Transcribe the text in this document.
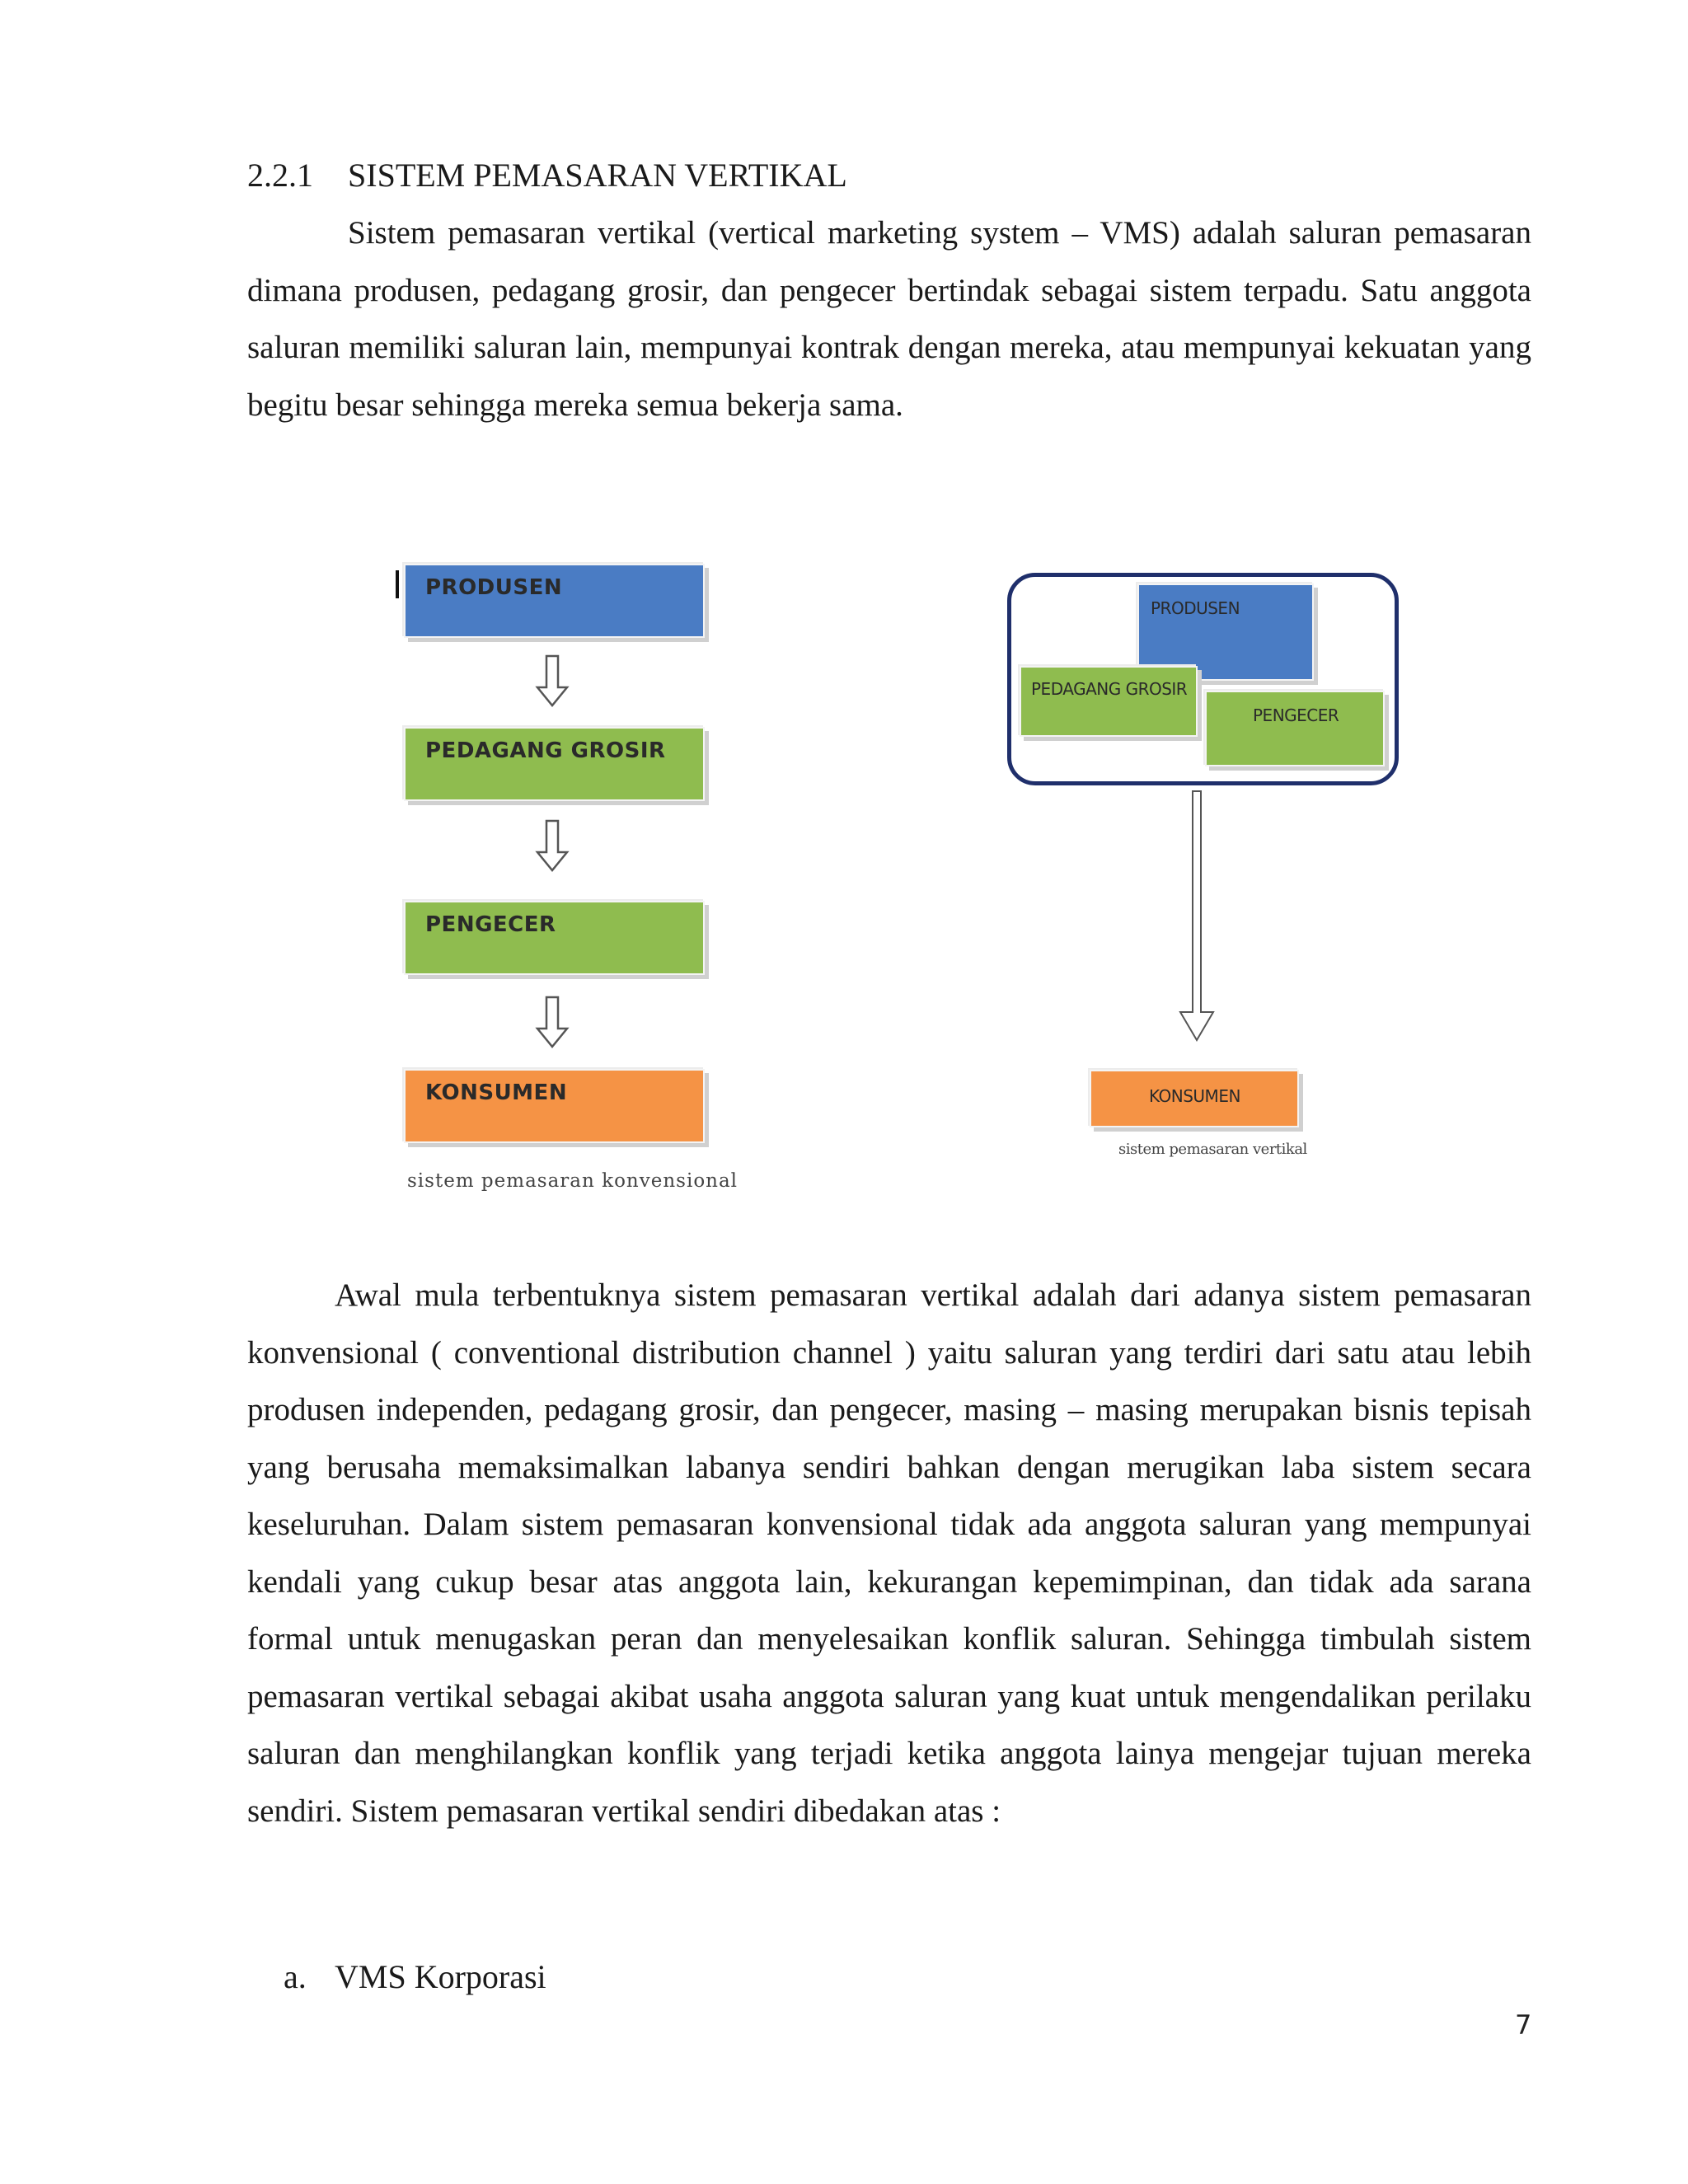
2.2.1 SISTEM PEMASARAN VERTIKAL

Sistem pemasaran vertikal (vertical marketing system – VMS) adalah saluran pemasaran dimana produsen, pedagang grosir, dan pengecer bertindak sebagai sistem terpadu. Satu anggota saluran memiliki saluran lain, mempunyai kontrak dengan mereka, atau mempunyai kekuatan yang begitu besar sehingga mereka semua bekerja sama.

PRODUSEN
PEDAGANG GROSIR
PENGECER
KONSUMEN
sistem pemasaran konvensional
PRODUSEN
PEDAGANG GROSIR
PENGECER
KONSUMEN
sistem pemasaran vertikal

Awal mula terbentuknya sistem pemasaran vertikal adalah dari adanya sistem pemasaran konvensional ( conventional distribution channel ) yaitu saluran yang terdiri dari satu atau lebih produsen independen, pedagang grosir, dan pengecer, masing – masing merupakan bisnis tepisah yang berusaha memaksimalkan labanya sendiri bahkan dengan merugikan laba sistem secara keseluruhan. Dalam sistem pemasaran konvensional tidak ada anggota saluran yang mempunyai kendali yang cukup besar atas anggota lain, kekurangan kepemimpinan, dan tidak ada sarana formal untuk menugaskan peran dan menyelesaikan konflik saluran. Sehingga timbulah sistem pemasaran vertikal sebagai akibat usaha anggota saluran yang kuat untuk mengendalikan perilaku saluran dan menghilangkan konflik yang terjadi ketika anggota lainya mengejar tujuan mereka sendiri. Sistem pemasaran vertikal sendiri dibedakan atas :

a. VMS Korporasi
7
